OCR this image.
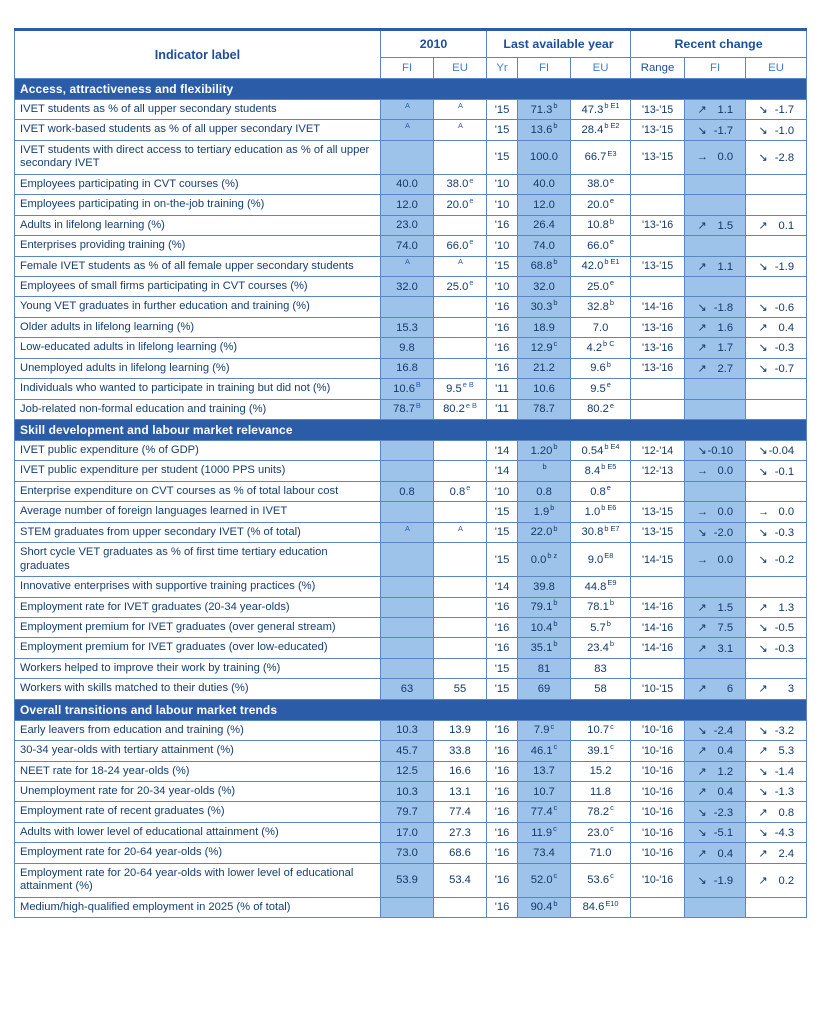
Indicator label	2010		Last available year			Recent change		
	FI	EU	Yr	FI	EU	Range	FI	EU
Access, attractiveness and flexibility								
IVET students as % of all upper secondary students	$^A$	$^A$	'15	71.3$^b$	$47.3^{b E1}$	'13-'15	↗ 1.1	↘ -1.7
IVET work-based students as % of all upper secondary IVET	$^A$	$^A$	'15	13.6$^b$	$28.4^{b E2}$	'13-'15	↘ -1.7	↘ -1.0
IVET students with direct access to tertiary education as % of all upper secondary IVET			'15	100.0	$66.7^{E3}$	'13-'15	→ 0.0	↘ -2.8
Employees participating in CVT courses (%)	40.0	38.0e	'10	40.0	38.0e			
Employees participating in on-the-job training (%)	12.0	20.0e	'10	12.0	20.0e			
Adults in lifelong learning (%)	23.0		'16	26.4	10.8$^b$	'13-'16	↗ 1.5	↗ 0.1
Enterprises providing training (%)	74.0	66.0e	'10	74.0	66.0e			
Female IVET students as % of all female upper secondary students	$^A$	$^A$	'15	68.8$^b$	$42.0^{b E1}$	'13-'15	↗ 1.1	↘ -1.9
Employees of small firms participating in CVT courses (%)	32.0	25.0e	'10	32.0	25.0e			
Young VET graduates in further education and training (%)			'16	30.3$^b$	32.8$^b$	'14-'16	↘ -1.8	↘ -0.6
Older adults in lifelong learning (%)	15.3		'16	18.9	7.0	'13-'16	↗ 1.6	↗ 0.4
Low-educated adults in lifelong learning (%)	9.8		'16	12.9$^c$	$4.2^{b C}$	'13-'16	↗ 1.7	↘ -0.3
Unemployed adults in lifelong learning (%)	16.8		'16	21.2	9.6$^b$	'13-'16	↗ 2.7	↘ -0.7
Individuals who wanted to participate in training but did not (%)	$10.6^B$	$9.5^{e B}$	'11	10.6	9.5e			
Job-related non-formal education and training (%)	$78.7^B$	$80.2^{e B}$	'11	78.7	80.2e			
Skill development and labour market relevance								
IVET public expenditure (% of GDP)			'14	1.20$^b$	$0.54^{b E4}$	'12-'14	↘-0.10	↘-0.04
IVET public expenditure per student (1000 PPS units)			'14	$^b$	$8.4^{b E5}$	'12-'13	→ 0.0	↘ -0.1
Enterprise expenditure on CVT courses as % of total labour cost	0.8	0.8e	'10	0.8	0.8e			
Average number of foreign languages learned in IVET			'15	1.9$^b$	$1.0^{b E6}$	'13-'15	→ 0.0	→ 0.0
STEM graduates from upper secondary IVET (% of total)	$^A$	$^A$	'15	22.0$^b$	$30.8^{b E7}$	'13-'15	↘ -2.0	↘ -0.3
Short cycle VET graduates as % of first time tertiary education graduates			'15	$0.0^{b z}$	$9.0^{E8}$	'14-'15	→ 0.0	↘ -0.2
Innovative enterprises with supportive training practices (%)			'14	39.8	$44.8^{E9}$			
Employment rate for IVET graduates (20-34 year-olds)			'16	79.1$^b$	78.1$^b$	'14-'16	↗ 1.5	↗ 1.3
Employment premium for IVET graduates (over general stream)			'16	10.4$^b$	5.7$^b$	'14-'16	↗ 7.5	↘ -0.5
Employment premium for IVET graduates (over low-educated)			'16	35.1$^b$	23.4$^b$	'14-'16	↗ 3.1	↘ -0.3
Workers helped to improve their work by training (%)			'15	81	83			
Workers with skills matched to their duties (%)	63	55	'15	69	58	'10-'15	↗ 6	↗ 3
Overall transitions and labour market trends								
Early leavers from education and training (%)	10.3	13.9	'16	7.9$^c$	10.7$^c$	'10-'16	↘ -2.4	↘ -3.2
30-34 year-olds with tertiary attainment (%)	45.7	33.8	'16	46.1$^c$	39.1$^c$	'10-'16	↗ 0.4	↗ 5.3
NEET rate for 18-24 year-olds (%)	12.5	16.6	'16	13.7	15.2	'10-'16	↗ 1.2	↘ -1.4
Unemployment rate for 20-34 year-olds (%)	10.3	13.1	'16	10.7	11.8	'10-'16	↗ 0.4	↘ -1.3
Employment rate of recent graduates (%)	79.7	77.4	'16	77.4$^c$	78.2$^c$	'10-'16	↘ -2.3	↗ 0.8
Adults with lower level of educational attainment (%)	17.0	27.3	'16	11.9$^c$	23.0$^c$	'10-'16	↘ -5.1	↘ -4.3
Employment rate for 20-64 year-olds (%)	73.0	68.6	'16	73.4	71.0	'10-'16	↗ 0.4	↗ 2.4
Employment rate for 20-64 year-olds with lower level of educational attainment (%)	53.9	53.4	'16	52.0$^c$	53.6$^c$	'10-'16	↘ -1.9	↗ 0.2
Medium/high-qualified employment in 2025 (% of total)			'16	90.4$^b$	$84.6^{E10}$			
